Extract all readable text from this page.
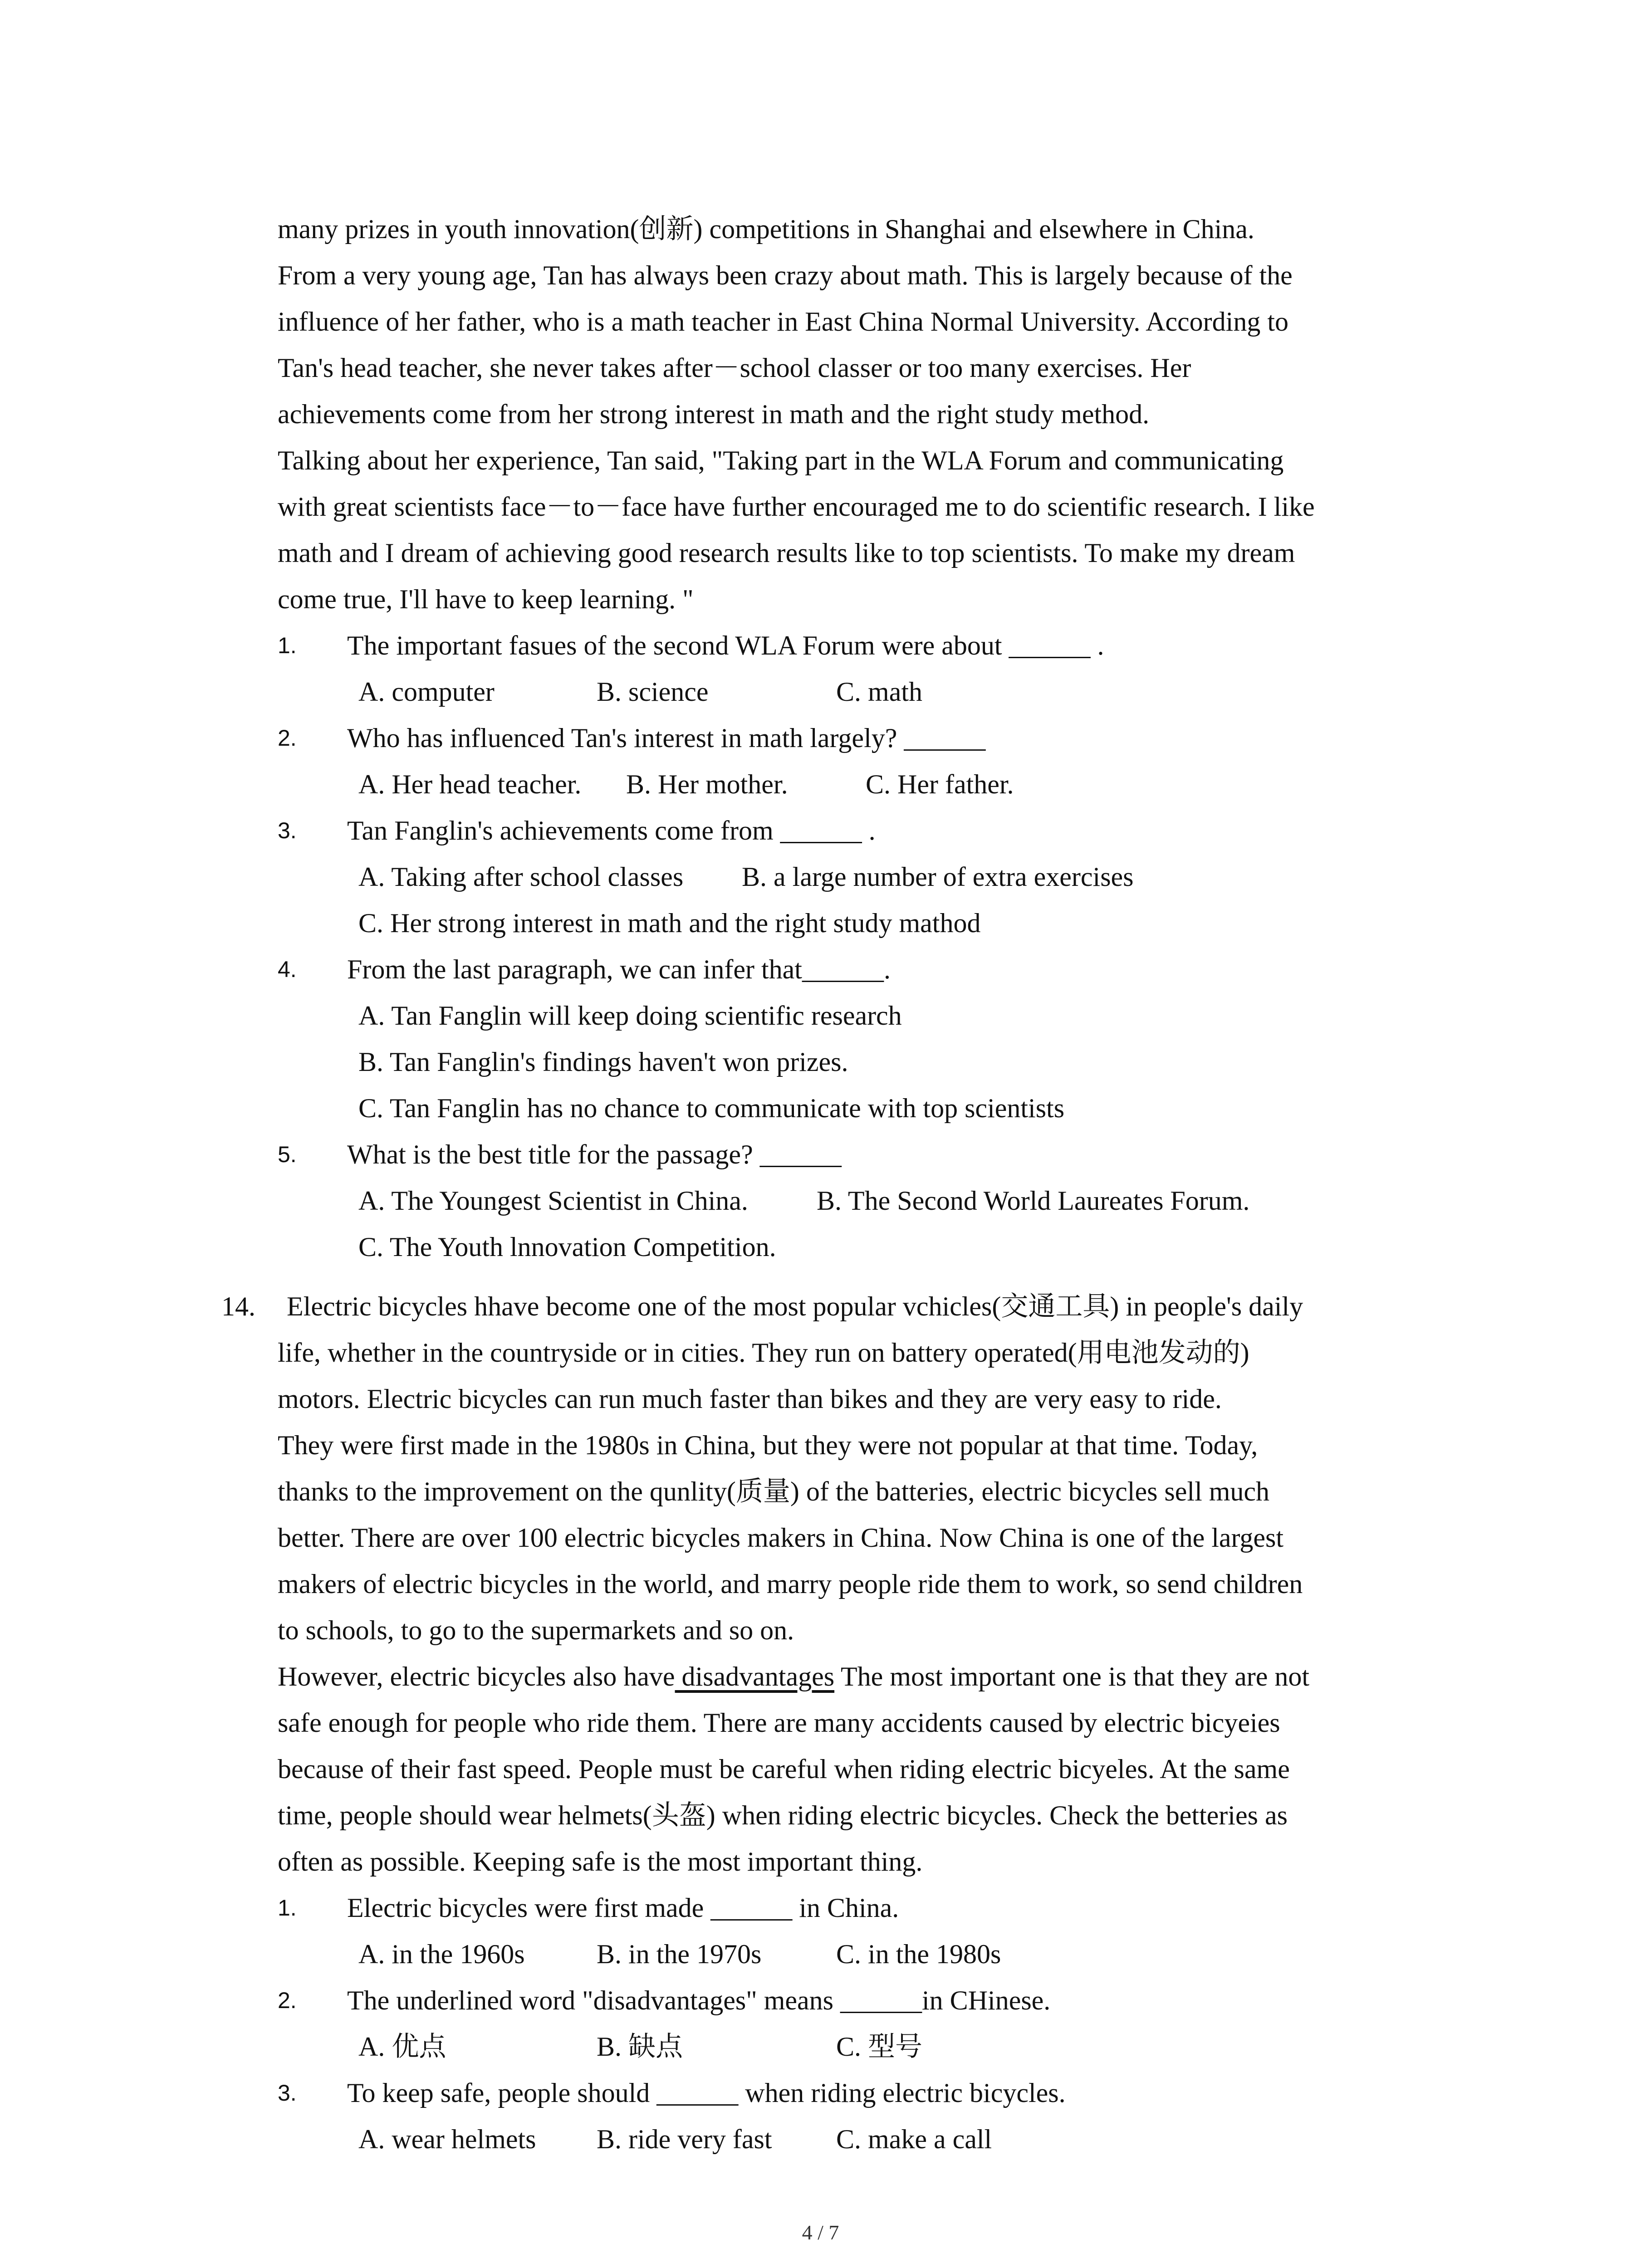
many prizes in youth innovation(创新) competitions in Shanghai and elsewhere in China.
From a very young age, Tan has always been crazy about math. This is largely because of the
influence of her father, who is a math teacher in East China Normal University. According to
Tan's head teacher, she never takes after－school classer or too many exercises. Her
achievements come from her strong interest in math and the right study method.
Talking about her experience, Tan said, "Taking part in the WLA Forum and communicating
with great scientists face－to－face have further encouraged me to do scientific research. I like
math and I dream of achieving good research results like to top scientists. To make my dream
come true, I'll have to keep learning. "
1.	The important fasues of the second WLA Forum were about ______ .
A. computer	B. science	C. math
2.	Who has influenced Tan's interest in math largely? ______
A. Her head teacher. B. Her mother.	C. Her father.
3.	Tan Fanglin's achievements come from ______ .
A. Taking after school classes B. a large number of extra exercises
C. Her strong interest in math and the right study mathod
4.	From the last paragraph, we can infer that______.
A. Tan Fanglin will keep doing scientific research
B. Tan Fanglin's findings haven't won prizes.
C. Tan Fanglin has no chance to communicate with top scientists
5.	What is the best title for the passage? ______
A. The Youngest Scientist in China.	B. The Second World Laureates Forum.
C. The Youth lnnovation Competition.
14. Electric bicycles hhave become one of the most popular vchicles(交通工具) in people's daily
life, whether in the countryside or in cities. They run on battery operated(用电池发动的)
motors. Electric bicycles can run much faster than bikes and they are very easy to ride.
They were first made in the 1980s in China, but they were not popular at that time. Today,
thanks to the improvement on the qunlity(质量) of the batteries, electric bicycles sell much
better. There are over 100 electric bicycles makers in China. Now China is one of the largest
makers of electric bicycles in the world, and marry people ride them to work, so send children
to schools, to go to the supermarkets and so on.
However, electric bicycles also have disadvantages The most important one is that they are not
safe enough for people who ride them. There are many accidents caused by electric bicyeies
because of their fast speed. People must be careful when riding electric bicyeles. At the same
time, people should wear helmets(头盔) when riding electric bicycles. Check the betteries as
often as possible. Keeping safe is the most important thing.
1.	Electric bicycles were first made ______ in China.
A. in the 1960s	B. in the 1970s	C. in the 1980s
2.	The underlined word "disadvantages" means ______in CHinese.
A. 优点	B. 缺点	C. 型号
3.	To keep safe, people should ______ when riding electric bicycles.
A. wear helmets B. ride very fast C. make a call
4 / 7
